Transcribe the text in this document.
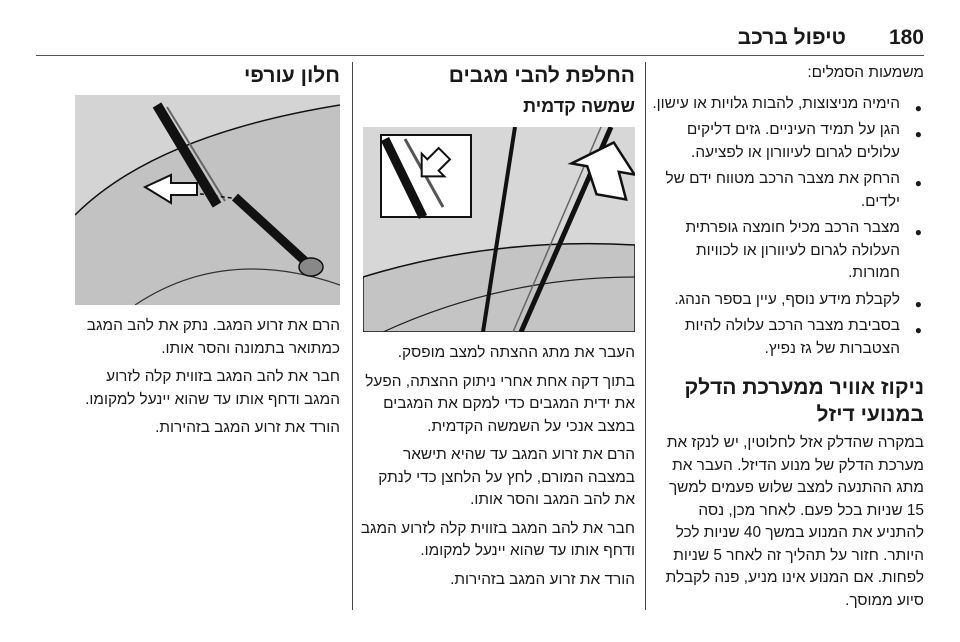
180
טיפול ברכב

משמעות הסמלים:

●
הימיה מניצוצות, להבות גלויות או עישון.
●
הגן על תמיד העיניים. גזים דליקים עלולים לגרום לעיוורון או לפציעה.
●
הרחק את מצבר הרכב מטווח ידם של ילדים.
●
מצבר הרכב מכיל חומצה גופרתית העלולה לגרום לעיוורון או לכוויות חמורות.
●
לקבלת מידע נוסף, עיין בספר הנהג.
●
בסביבת מצבר הרכב עלולה להיות הצטברות של גז נפיץ.
ניקוז אוויר ממערכת הדלק במנועי דיזל

במקרה שהדלק אזל לחלוטין, יש לנקז את מערכת הדלק של מנוע הדיזל. העבר את מתג ההתנעה למצב שלוש פעמים למשך 15 שניות בכל פעם. לאחר מכן, נסה להתניע את המנוע במשך 40 שניות לכל היותר. חזור על תהליך זה לאחר 5 שניות לפחות. אם המנוע אינו מניע, פנה לקבלת סיוע ממוסך.

החלפת להבי מגבים
שמשה קדמית

העבר את מתג ההצתה למצב מופסק.

בתוך דקה אחת אחרי ניתוק ההצתה, הפעל את ידית המגבים כדי למקם את המגבים במצב אנכי על השמשה הקדמית.

הרם את זרוע המגב עד שהיא תישאר במצבה המורם, לחץ על הלחצן כדי לנתק את להב המגב והסר אותו.

חבר את להב המגב בזווית קלה לזרוע המגב ודחף אותו עד שהוא יינעל למקומו.

הורד את זרוע המגב בזהירות.

חלון עורפי

הרם את זרוע המגב. נתק את להב המגב כמתואר בתמונה והסר אותו.

חבר את להב המגב בזווית קלה לזרוע המגב ודחף אותו עד שהוא יינעל למקומו.

הורד את זרוע המגב בזהירות.
